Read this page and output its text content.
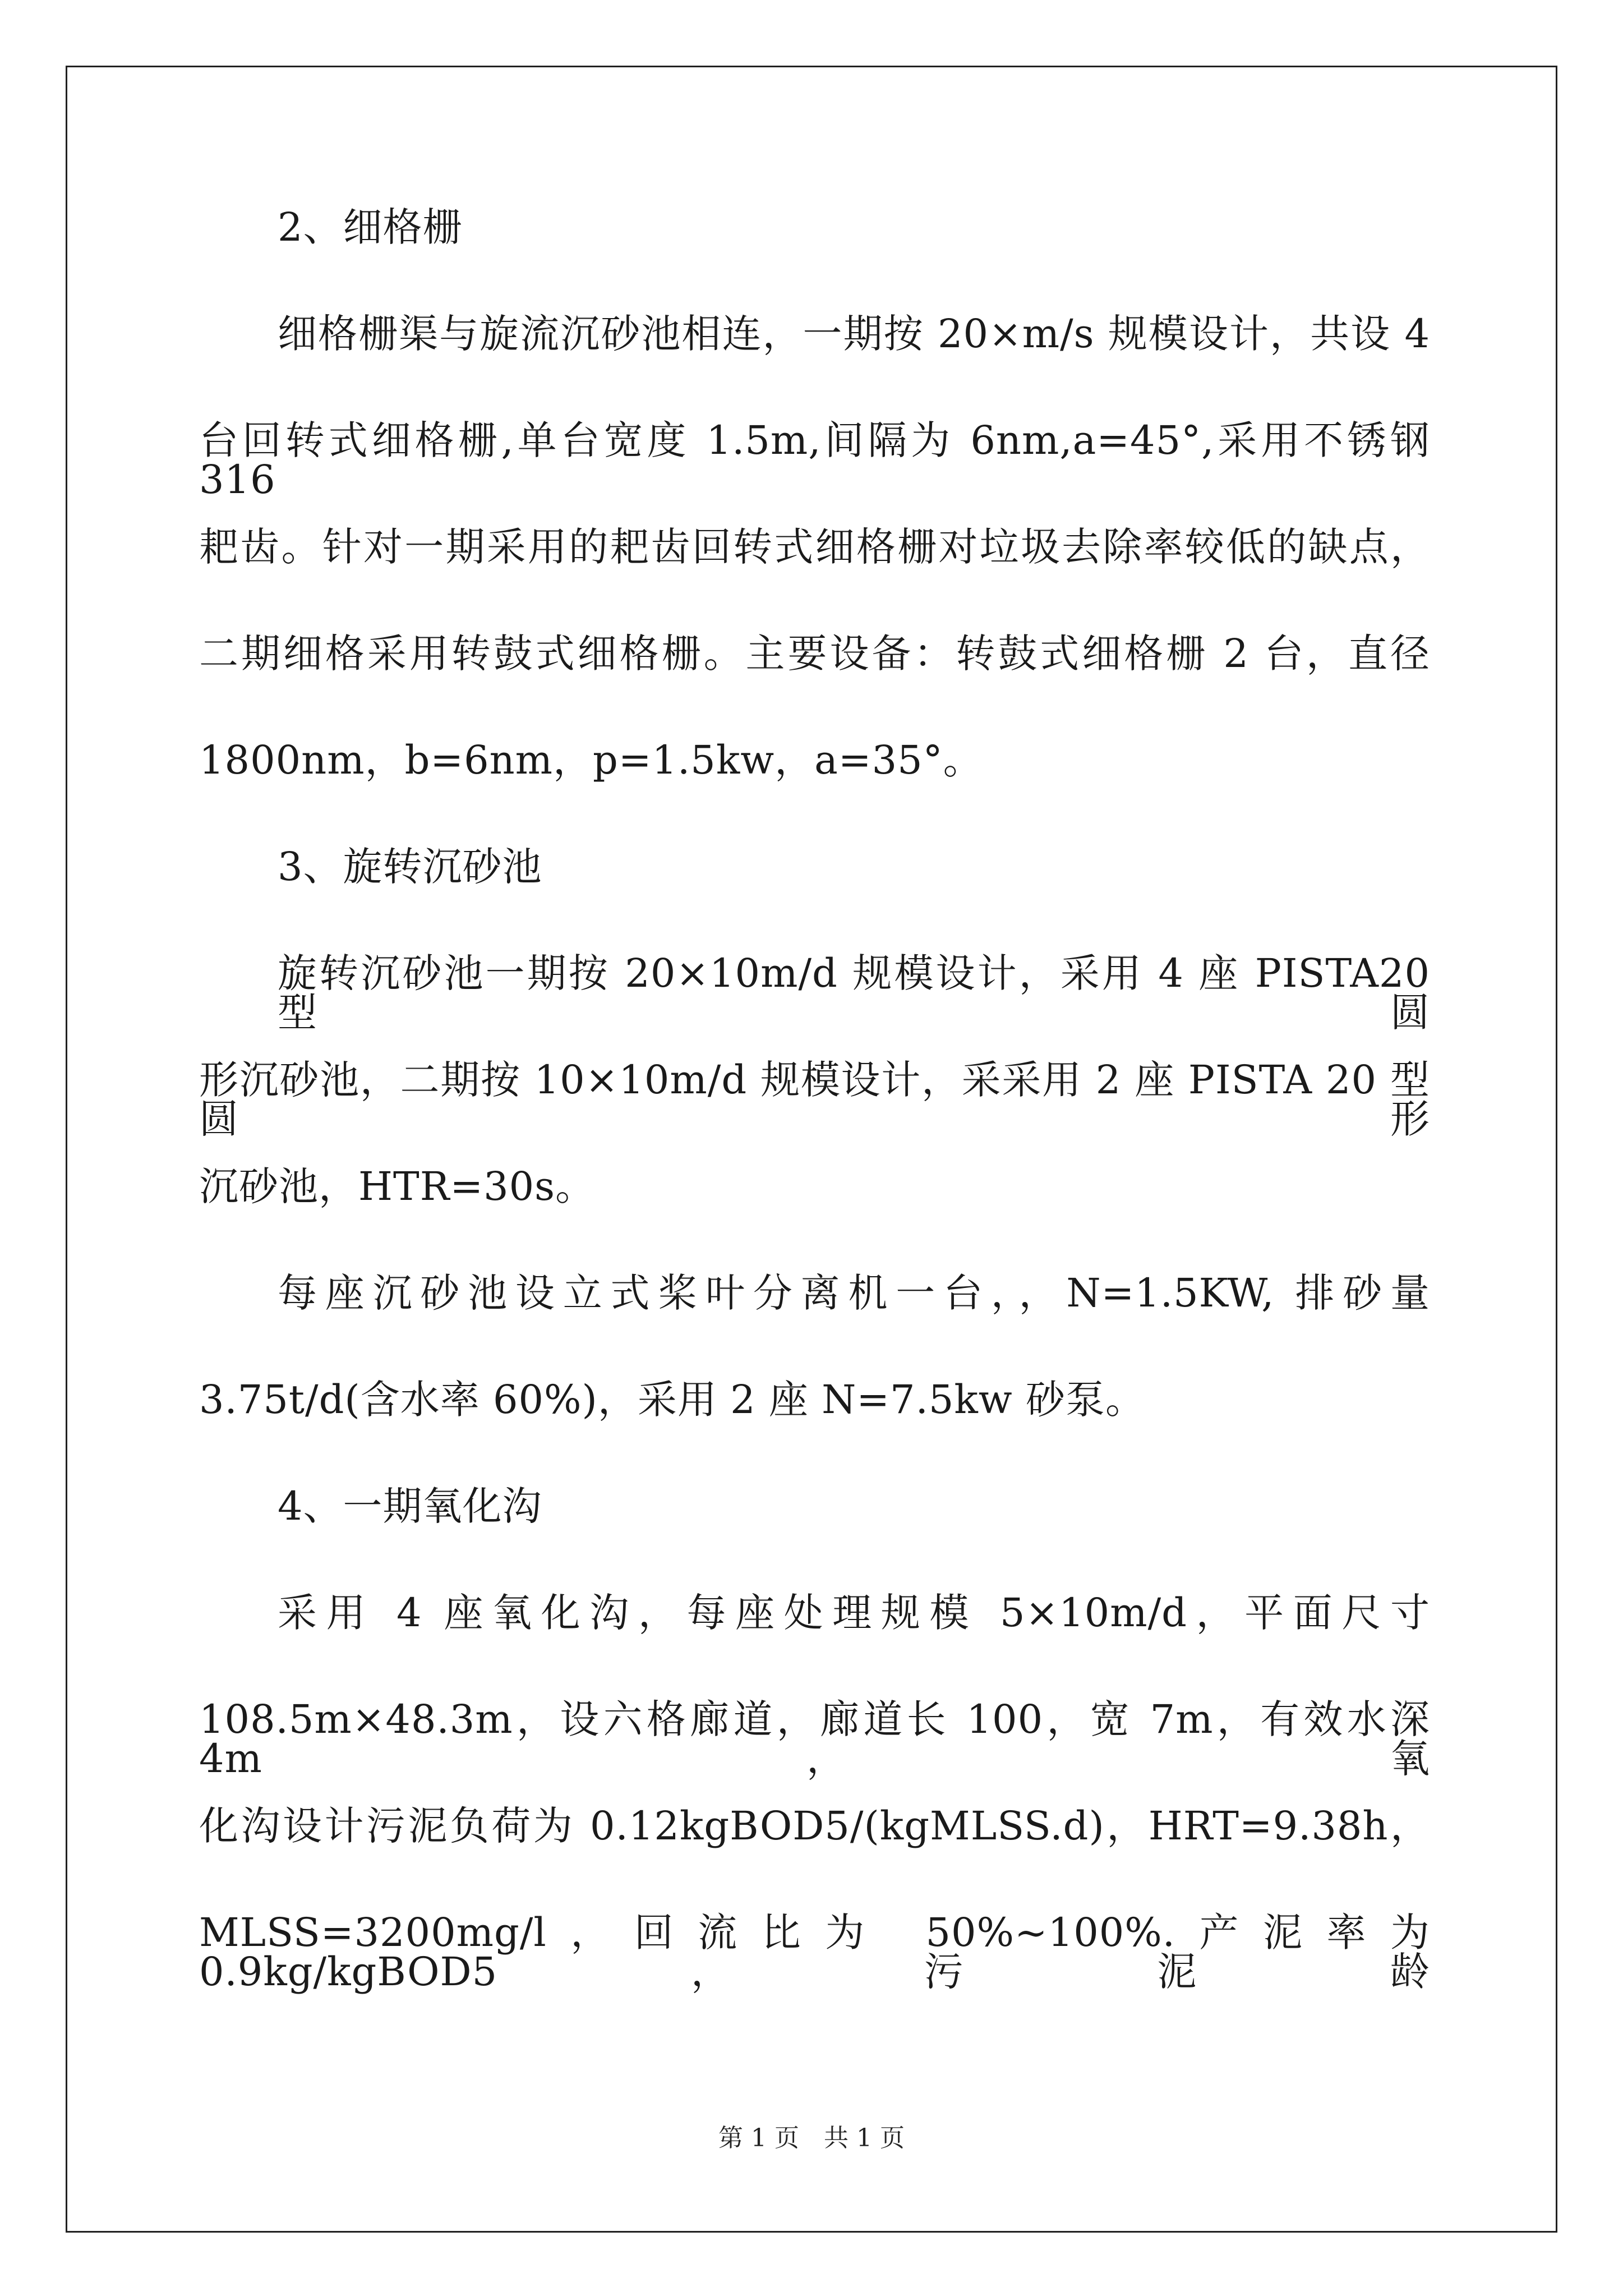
2、细格栅
细格栅渠与旋流沉砂池相连，一期按 20×m/s 规模设计，共设 4
台回转式细格栅,单台宽度 1.5m,间隔为 6nm,a=45°,采用不锈钢 316
耙齿。针对一期采用的耙齿回转式细格栅对垃圾去除率较低的缺点，
二期细格采用转鼓式细格栅。主要设备：转鼓式细格栅 2 台，直径
1800nm，b=6nm，p=1.5kw，a=35°。
3、旋转沉砂池
旋转沉砂池一期按 20×10m/d 规模设计，采用 4 座 PISTA20 型圆
形沉砂池，二期按 10×10m/d 规模设计，采采用 2 座 PISTA 20 型圆形
沉砂池，HTR=30s。
每座沉砂池设立式桨叶分离机一台，，N=1.5KW, 排砂量
3.75t/d(含水率 60%)，采用 2 座 N=7.5kw 砂泵。
4、一期氧化沟
采用 4 座氧化沟，每座处理规模 5×10m/d，平面尺寸
108.5m×48.3m，设六格廊道，廊道长 100，宽 7m，有效水深 4m，氧
化沟设计污泥负荷为 0.12kgBOD5/(kgMLSS.d)，HRT=9.38h，
MLSS=3200mg/l，回流比为 50%~100%.产泥率为 0.9kg/kgBOD5，污泥龄
第 1 页　共 1 页
